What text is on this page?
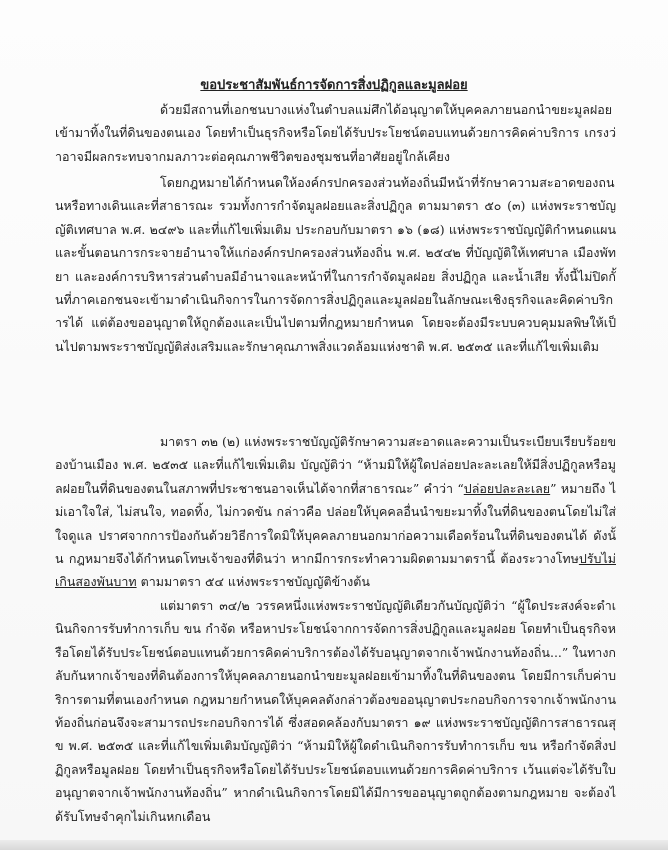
ขอประชาสัมพันธ์การจัดการสิ่งปฏิกูลและมูลฝอย

ด้วยมีสถานที่เอกชนบางแห่งในตำบลแม่ศึกได้อนุญาตให้บุคคลภายนอกนำขยะมูลฝอยเข้ามาทิ้งในที่ดินของตนเอง โดยทำเป็นธุรกิจหรือโดยได้รับประโยชน์ตอบแทนด้วยการคิดค่าบริการ เกรงว่าอาจมีผลกระทบจากมลภาวะต่อคุณภาพชีวิตของชุมชนที่อาศัยอยู่ใกล้เคียง

โดยกฎหมายได้กำหนดให้องค์กรปกครองส่วนท้องถิ่นมีหน้าที่รักษาความสะอาดของถนนหรือทางเดินและที่สาธารณะ รวมทั้งการกำจัดมูลฝอยและสิ่งปฏิกูล ตามมาตรา ๕๐ (๓) แห่งพระราชบัญญัติเทศบาล พ.ศ. ๒๔๙๖ และที่แก้ไขเพิ่มเติม ประกอบกับมาตรา ๑๖ (๑๘) แห่งพระราชบัญญัติกำหนดแผนและขั้นตอนการกระจายอำนาจให้แก่องค์กรปกครองส่วนท้องถิ่น พ.ศ. ๒๕๔๒ ที่บัญญัติให้เทศบาล เมืองพัทยา และองค์การบริหารส่วนตำบลมีอำนาจและหน้าที่ในการกำจัดมูลฝอย สิ่งปฏิกูล และน้ำเสีย ทั้งนี้ไม่ปิดกั้นที่ภาคเอกชนจะเข้ามาดำเนินกิจการในการจัดการสิ่งปฏิกูลและมูลฝอยในลักษณะเชิงธุรกิจและคิดค่าบริการได้ แต่ต้องขออนุญาตให้ถูกต้องและเป็นไปตามที่กฎหมายกำหนด โดยจะต้องมีระบบควบคุมมลพิษให้เป็นไปตามพระราชบัญญัติส่งเสริมและรักษาคุณภาพสิ่งแวดล้อมแห่งชาติ พ.ศ. ๒๕๓๕ และที่แก้ไขเพิ่มเติม

มาตรา ๓๒ (๒) แห่งพระราชบัญญัติรักษาความสะอาดและความเป็นระเบียบเรียบร้อยของบ้านเมือง พ.ศ. ๒๕๓๕ และที่แก้ไขเพิ่มเติม บัญญัติว่า “ห้ามมิให้ผู้ใดปล่อยปละละเลยให้มีสิ่งปฏิกูลหรือมูลฝอยในที่ดินของตนในสภาพที่ประชาชนอาจเห็นได้จากที่สาธารณะ” คำว่า “ปล่อยปละละเลย” หมายถึง ไม่เอาใจใส่, ไม่สนใจ, ทอดทิ้ง, ไม่กวดขัน กล่าวคือ ปล่อยให้บุคคลอื่นนำขยะมาทิ้งในที่ดินของตนโดยไม่ใส่ใจดูแล ปราศจากการป้องกันด้วยวิธีการใดมิให้บุคคลภายนอกมาก่อความเดือดร้อนในที่ดินของตนได้ ดังนั้น กฎหมายจึงได้กำหนดโทษเจ้าของที่ดินว่า หากมีการกระทำความผิดตามมาตรานี้ ต้องระวางโทษปรับไม่เกินสองพันบาท ตามมาตรา ๕๔ แห่งพระราชบัญญัติข้างต้น

แต่มาตรา ๓๔/๒ วรรคหนึ่งแห่งพระราชบัญญัติเดียวกันบัญญัติว่า “ผู้ใดประสงค์จะดำเนินกิจการรับทำการเก็บ ขน กำจัด หรือหาประโยชน์จากการจัดการสิ่งปฏิกูลและมูลฝอย โดยทำเป็นธุรกิจหรือโดยได้รับประโยชน์ตอบแทนด้วยการคิดค่าบริการต้องได้รับอนุญาตจากเจ้าพนักงานท้องถิ่น...” ในทางกลับกันหากเจ้าของที่ดินต้องการให้บุคคลภายนอกนำขยะมูลฝอยเข้ามาทิ้งในที่ดินของตน โดยมีการเก็บค่าบริการตามที่ตนเองกำหนด กฎหมายกำหนดให้บุคคลดังกล่าวต้องขออนุญาตประกอบกิจการจากเจ้าพนักงานท้องถิ่นก่อนจึงจะสามารถประกอบกิจการได้ ซึ่งสอดคล้องกับมาตรา ๑๙ แห่งพระราชบัญญัติการสาธารณสุข พ.ศ. ๒๕๓๕ และที่แก้ไขเพิ่มเติมบัญญัติว่า “ห้ามมิให้ผู้ใดดำเนินกิจการรับทำการเก็บ ขน หรือกำจัดสิ่งปฏิกูลหรือมูลฝอย โดยทำเป็นธุรกิจหรือโดยได้รับประโยชน์ตอบแทนด้วยการคิดค่าบริการ เว้นแต่จะได้รับใบอนุญาตจากเจ้าพนักงานท้องถิ่น” หากดำเนินกิจการโดยมิได้มีการขออนุญาตถูกต้องตามกฎหมาย จะต้องได้รับโทษจำคุกไม่เกินหกเดือน
